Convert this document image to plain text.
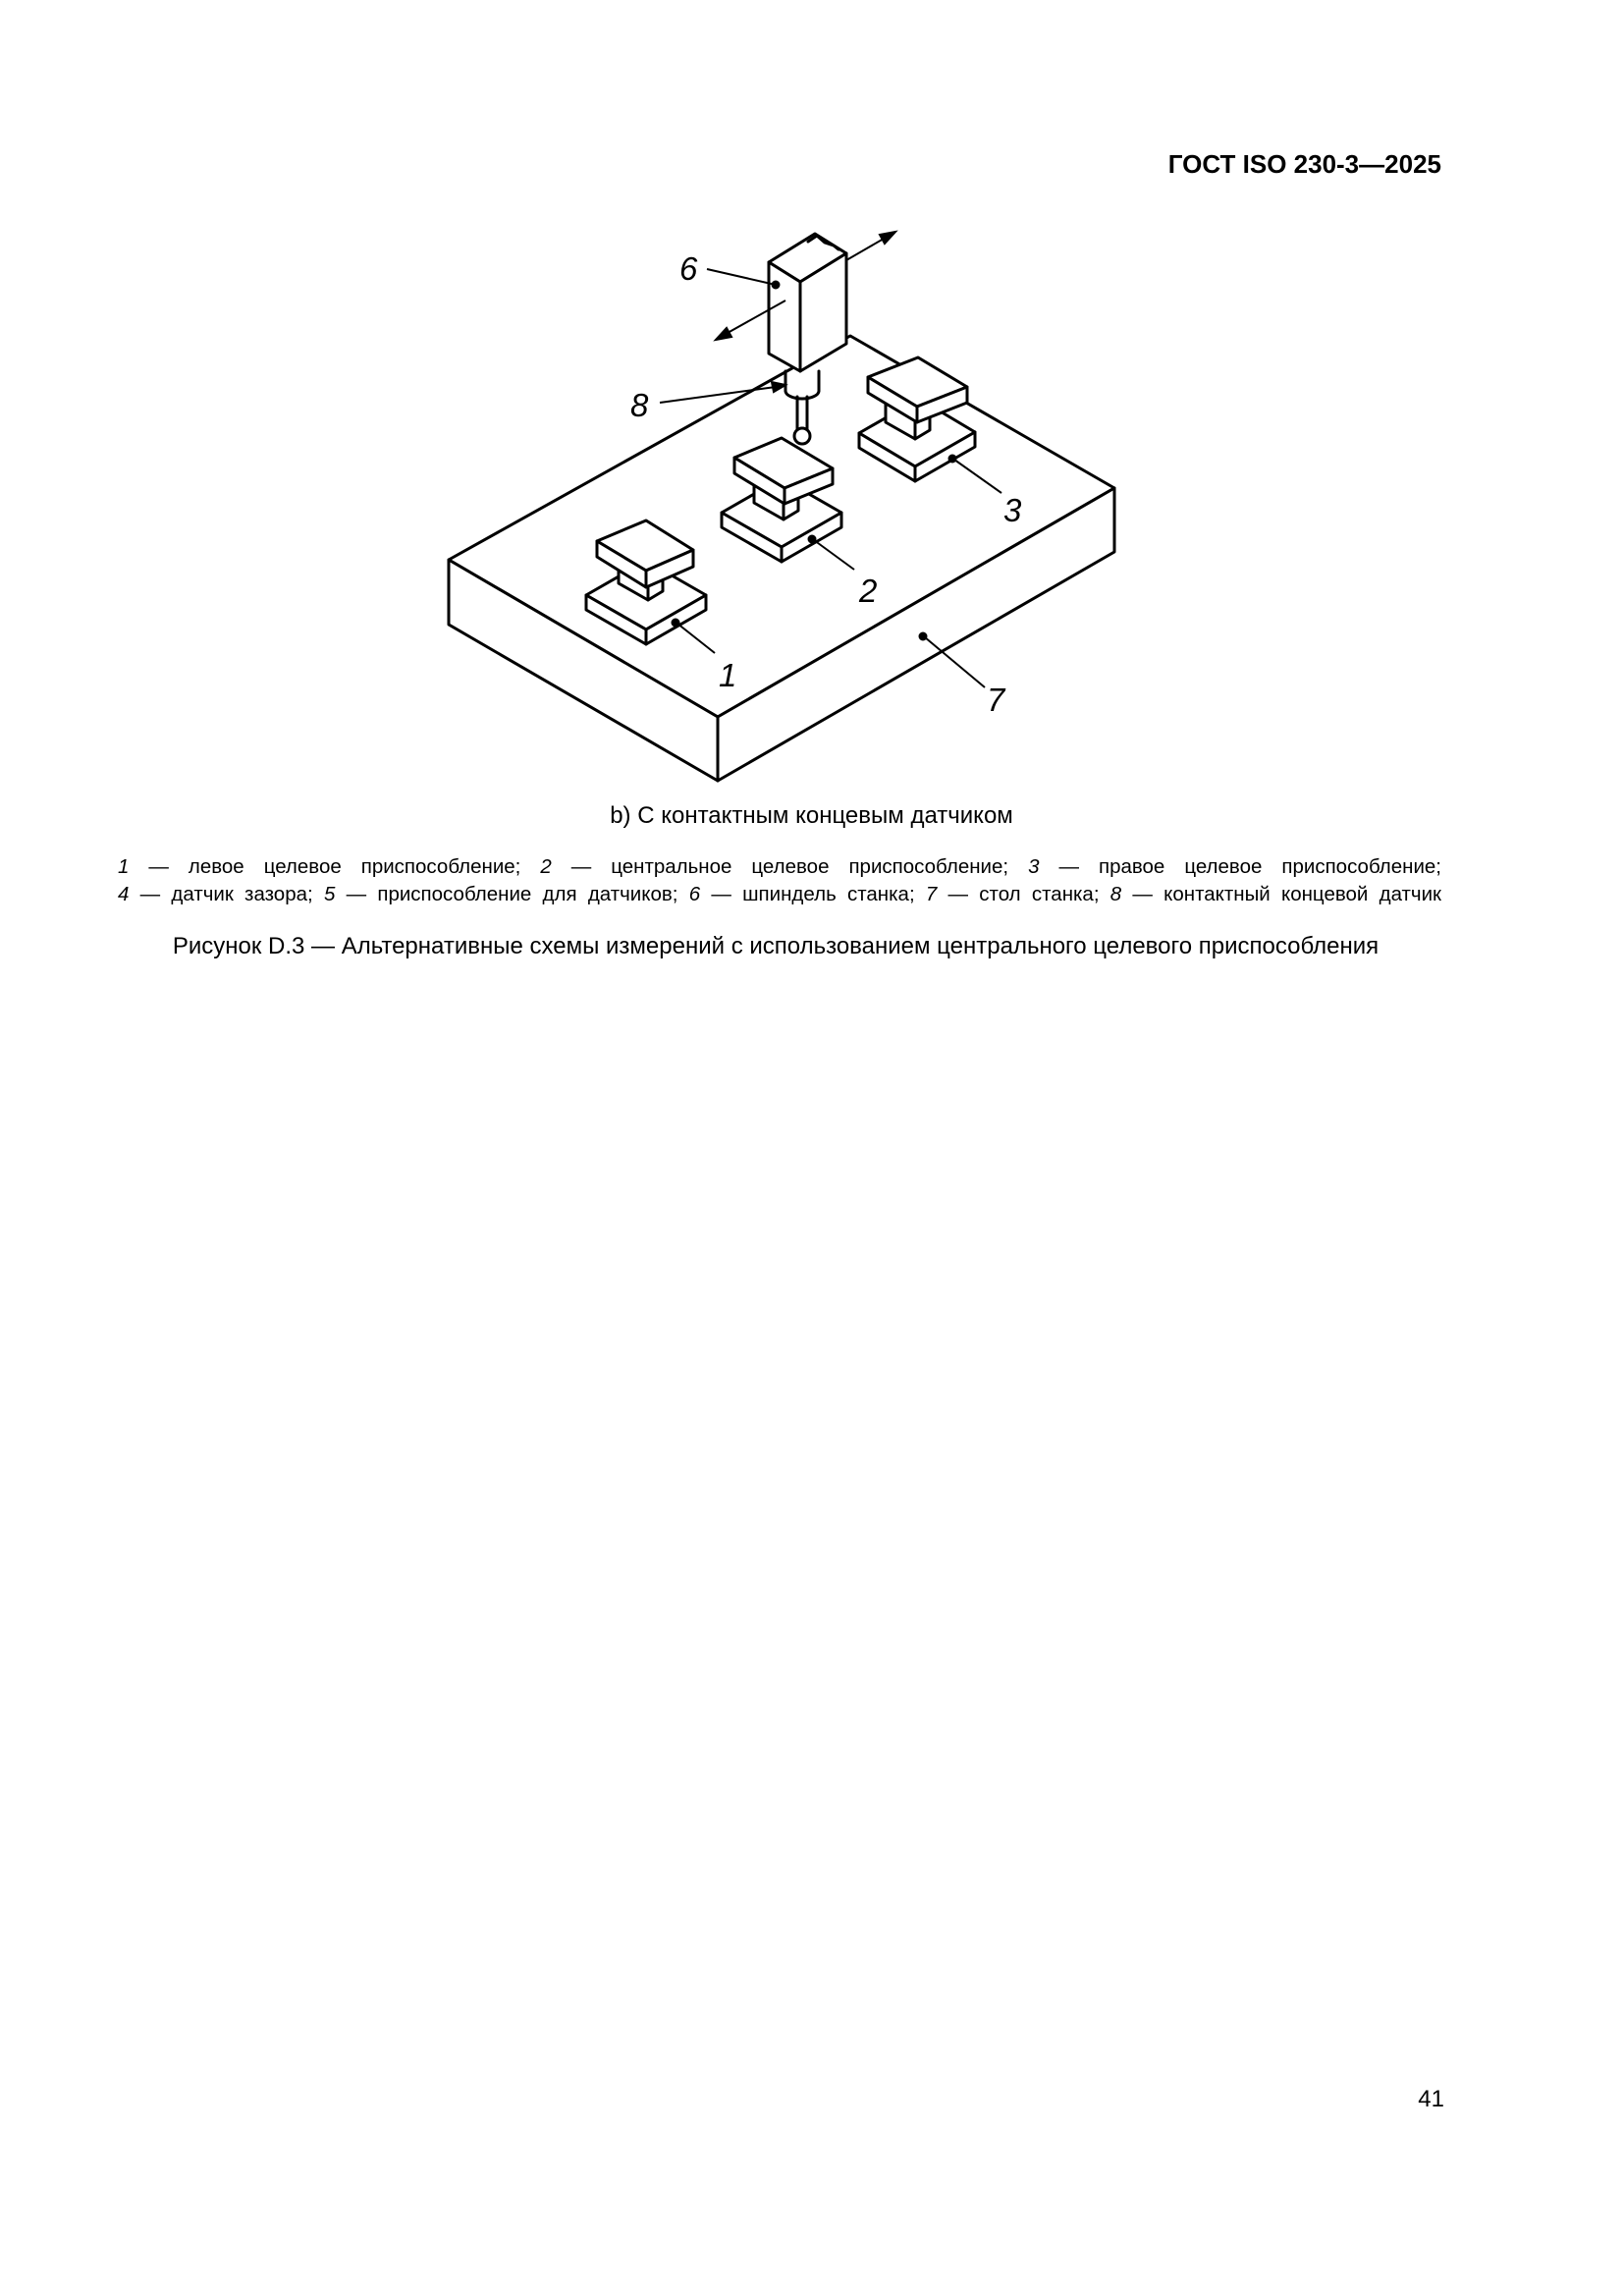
ГОСТ ISO 230-3—2025
6
8
3
2
1
7
b) С контактным концевым датчиком
1 — левое целевое приспособление; 2 — центральное целевое приспособление; 3 — правое целевое приспособление;
4 — датчик зазора; 5 — приспособление для датчиков; 6 — шпиндель станка; 7 — стол станка; 8 — контактный концевой датчик
Рисунок D.3 — Альтернативные схемы измерений с использованием центрального целевого приспособления
41
